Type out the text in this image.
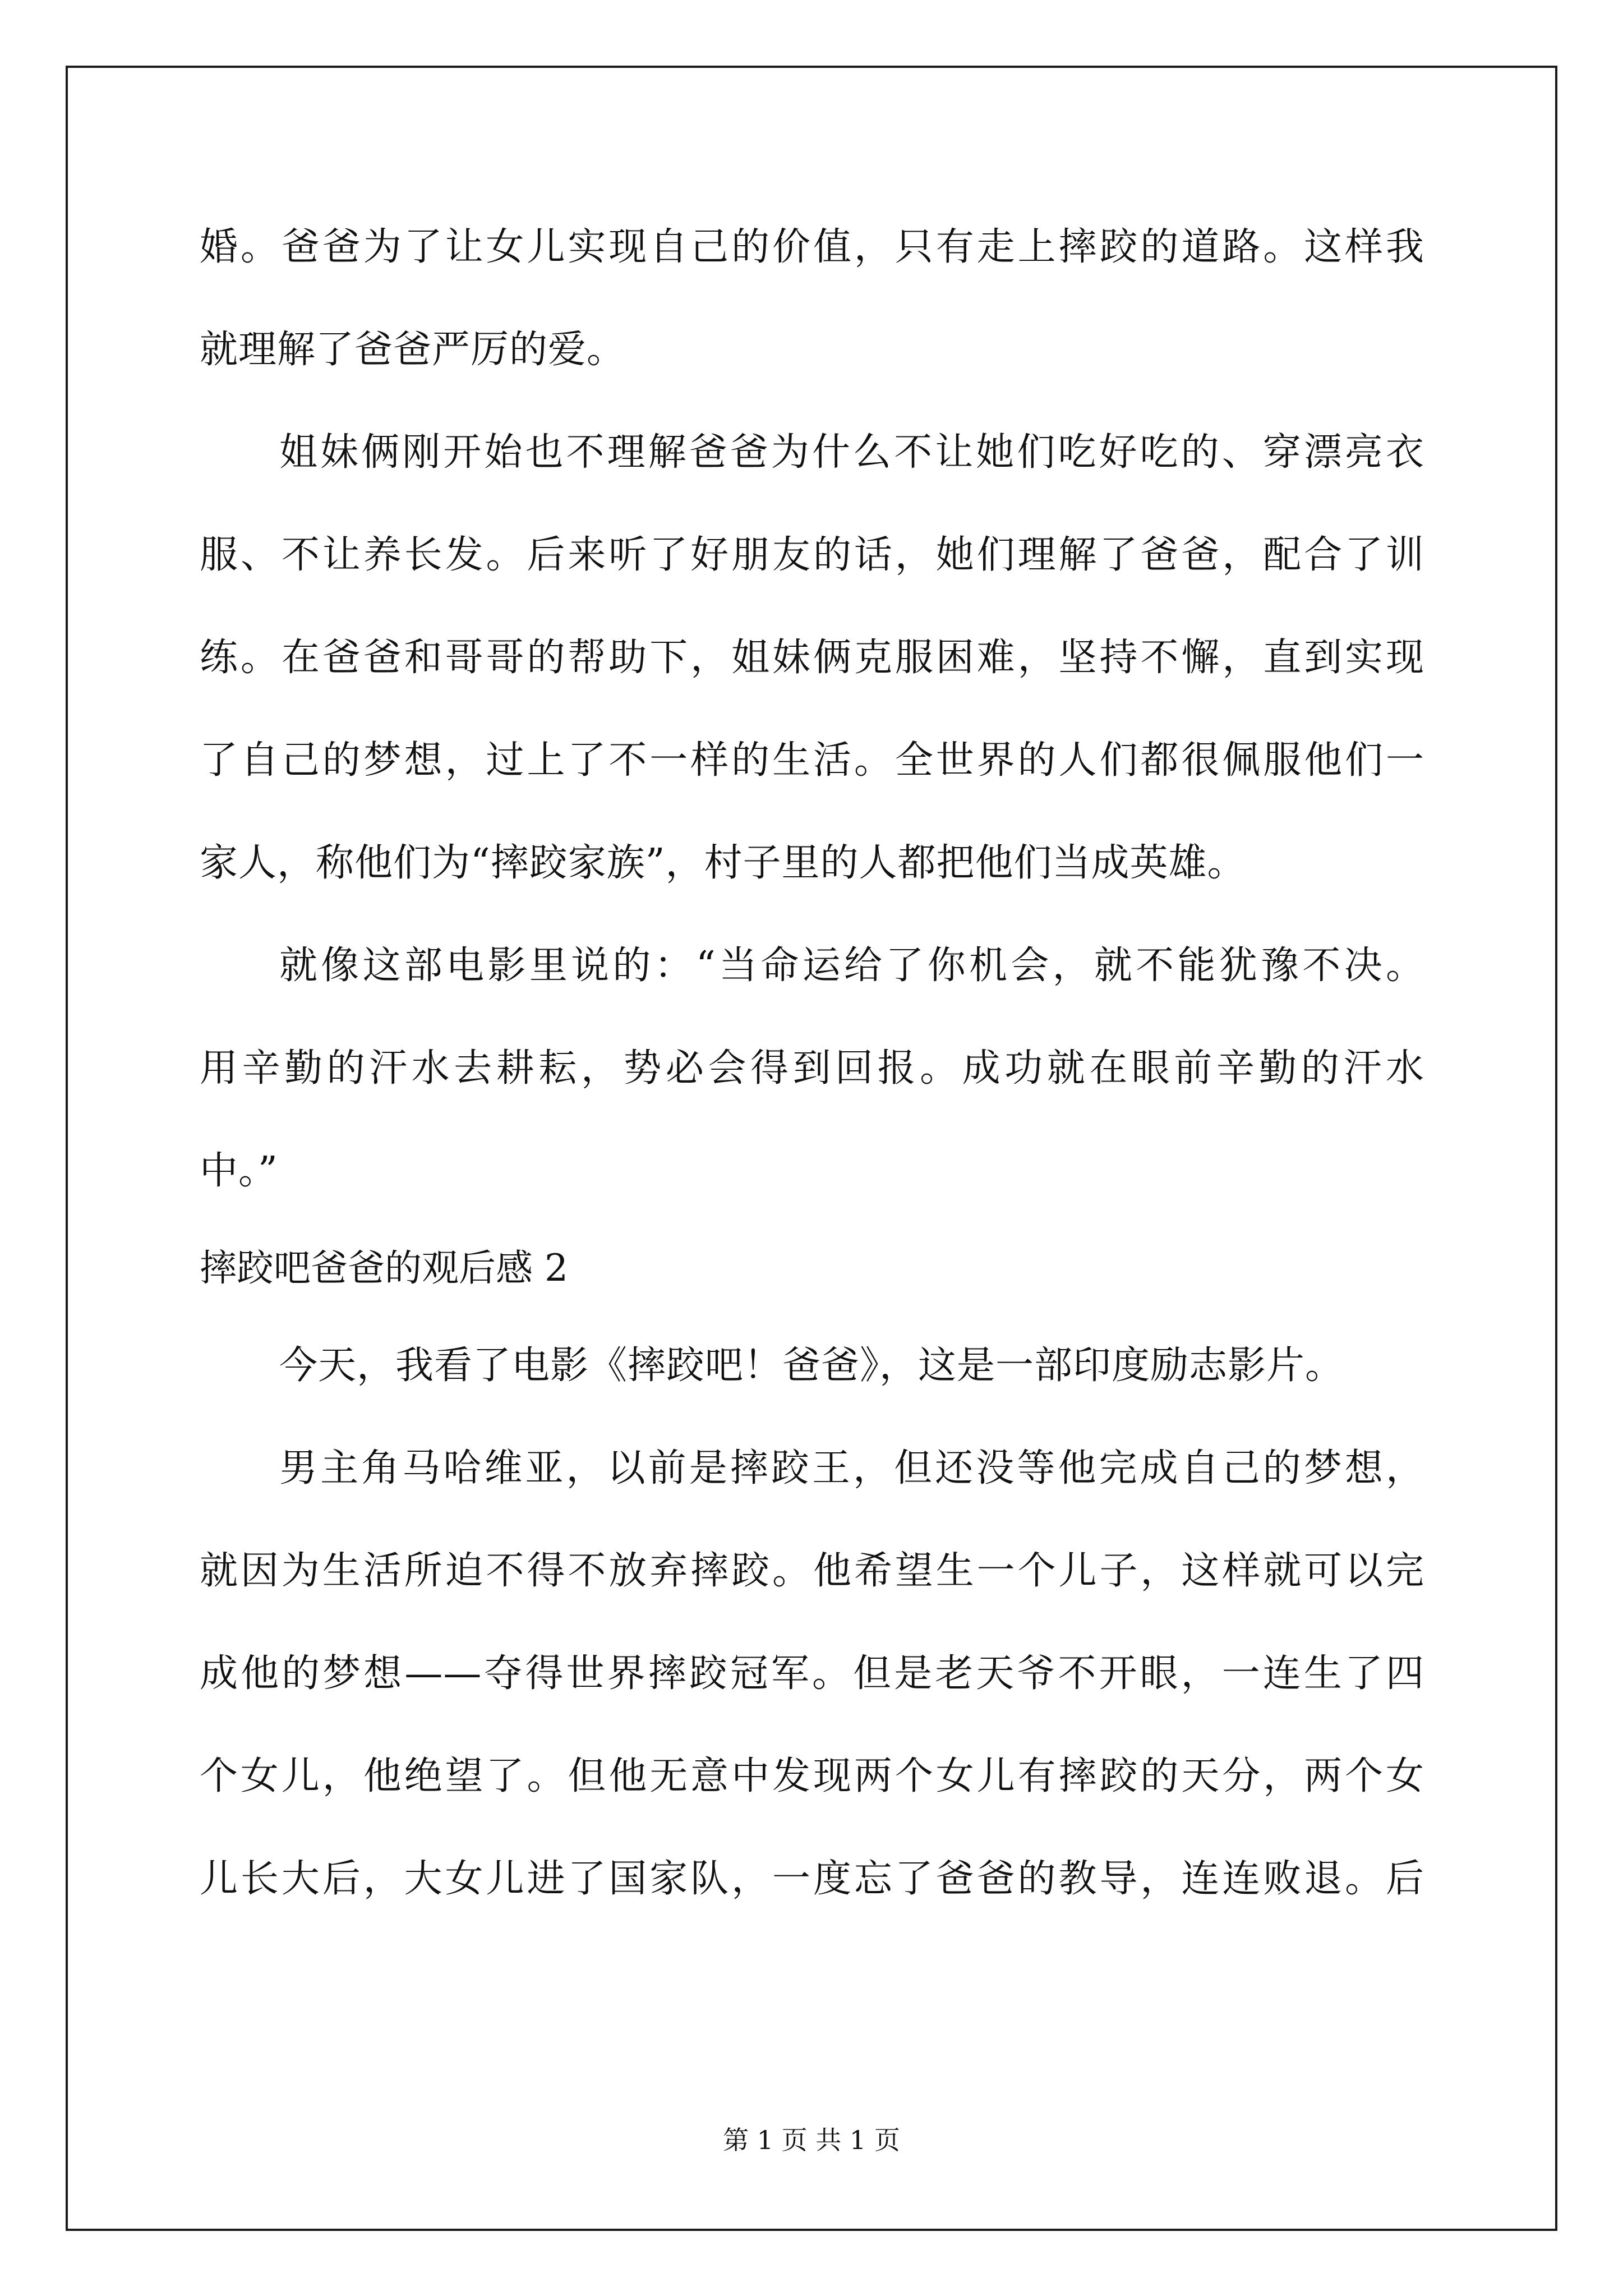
婚。爸爸为了让女儿实现自己的价值，只有走上摔跤的道路。这样我
就理解了爸爸严厉的爱。
姐妹俩刚开始也不理解爸爸为什么不让她们吃好吃的、穿漂亮衣
服、不让养长发。后来听了好朋友的话，她们理解了爸爸，配合了训
练。在爸爸和哥哥的帮助下，姐妹俩克服困难，坚持不懈，直到实现
了自己的梦想，过上了不一样的生活。全世界的人们都很佩服他们一
家人，称他们为“摔跤家族”，村子里的人都把他们当成英雄。
就像这部电影里说的：“当命运给了你机会，就不能犹豫不决。
用辛勤的汗水去耕耘，势必会得到回报。成功就在眼前辛勤的汗水
中。”
摔跤吧爸爸的观后感 2
今天，我看了电影《摔跤吧！爸爸》，这是一部印度励志影片。
男主角马哈维亚，以前是摔跤王，但还没等他完成自己的梦想，
就因为生活所迫不得不放弃摔跤。他希望生一个儿子，这样就可以完
成他的梦想——夺得世界摔跤冠军。但是老天爷不开眼，一连生了四
个女儿，他绝望了。但他无意中发现两个女儿有摔跤的天分，两个女
儿长大后，大女儿进了国家队，一度忘了爸爸的教导，连连败退。后
第 1 页 共 1 页
